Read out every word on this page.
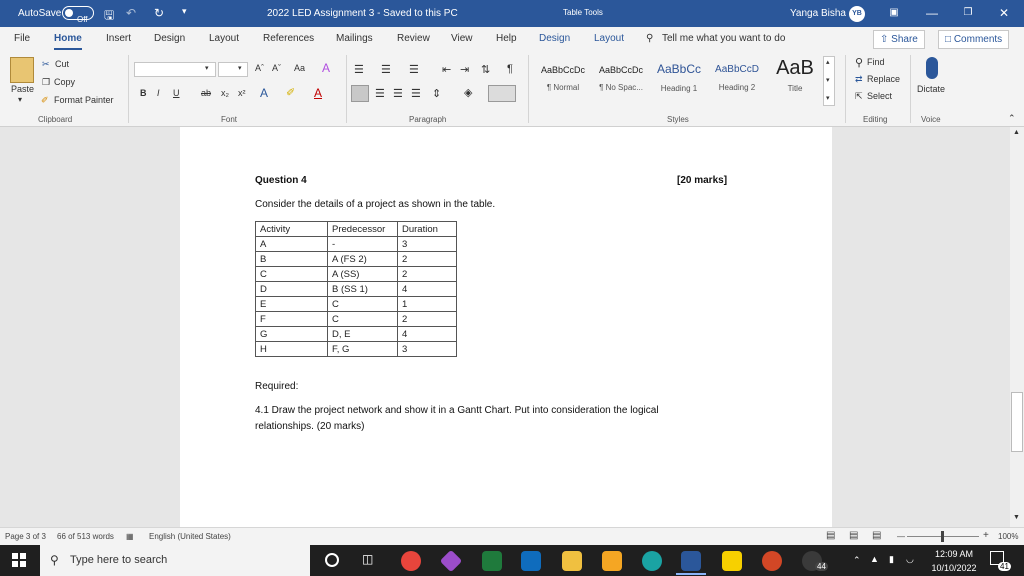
AutoSave
Off 🖫 ↶ ↻ ▾	2022 LED Assignment 3 - Saved to this PC	Table Tools	Yanga Bisha YB	▣	—	❐	✕
File Home Insert Design Layout References Mailings Review View Help Design Layout ⚲ Tell me what you want to do	⇧ Share	□ Comments
Paste
▾
✂ Cut
❐ Copy
✐ Format Painter
Clipboard
▾	▾ Aˆ Aˇ Aa A
B I U ab x₂ x² A ✐ A
Font
☰ ☰ ☰ ⇤ ⇥ ⇅ ¶
☰ ☰ ☰ ⇕ ◈
Paragraph
AaBbCcDc
¶ Normal
AaBbCcDc
¶ No Spac...
AaBbCc
Heading 1
AaBbCcD
Heading 2
AaB
Title
▴
▾
▾
Styles
⚲ Find
⇄ Replace
⇱ Select
Editing
Dictate
Voice	⌃
Question 4	[20 marks]
Consider the details of a project as shown in the table.
Activity	Predecessor	Duration
A	-	3
B	A (FS 2)	2
C	A (SS)	2
D	B (SS 1)	4
E	C	1
F	C	2
G	D, E	4
H	F, G	3
Required:
4.1 Draw the project network and show it in a Gantt Chart. Put into consideration the logical
relationships. (20 marks)
▲
▼
Page 3 of 3 66 of 513 words ▦ English (United States)	▤ ▤ ▤ —	+ 100%
⚲ Type here to search	◫
44
⌃ ▲ ▮ ◡	12:09 AM
10/10/2022	41
